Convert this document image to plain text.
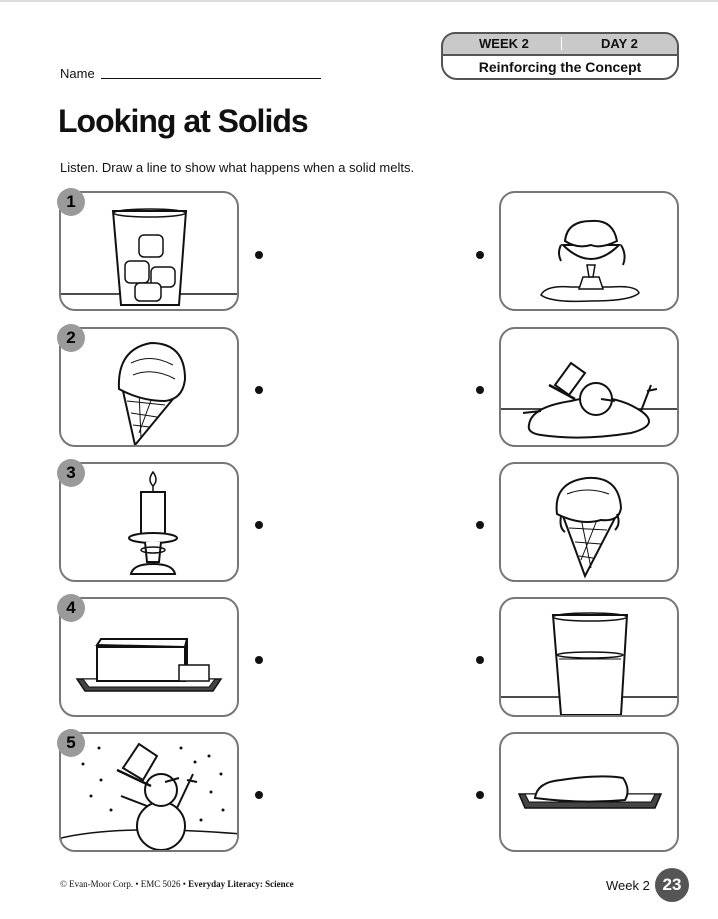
WEEK 2	DAY 2
Reinforcing the Concept
Name
Looking at Solids
Listen. Draw a line to show what happens when a solid melts.
1
2
3
4
5
© Evan-Moor Corp. • EMC 5026 • Everyday Literacy: Science	Week 2 23
